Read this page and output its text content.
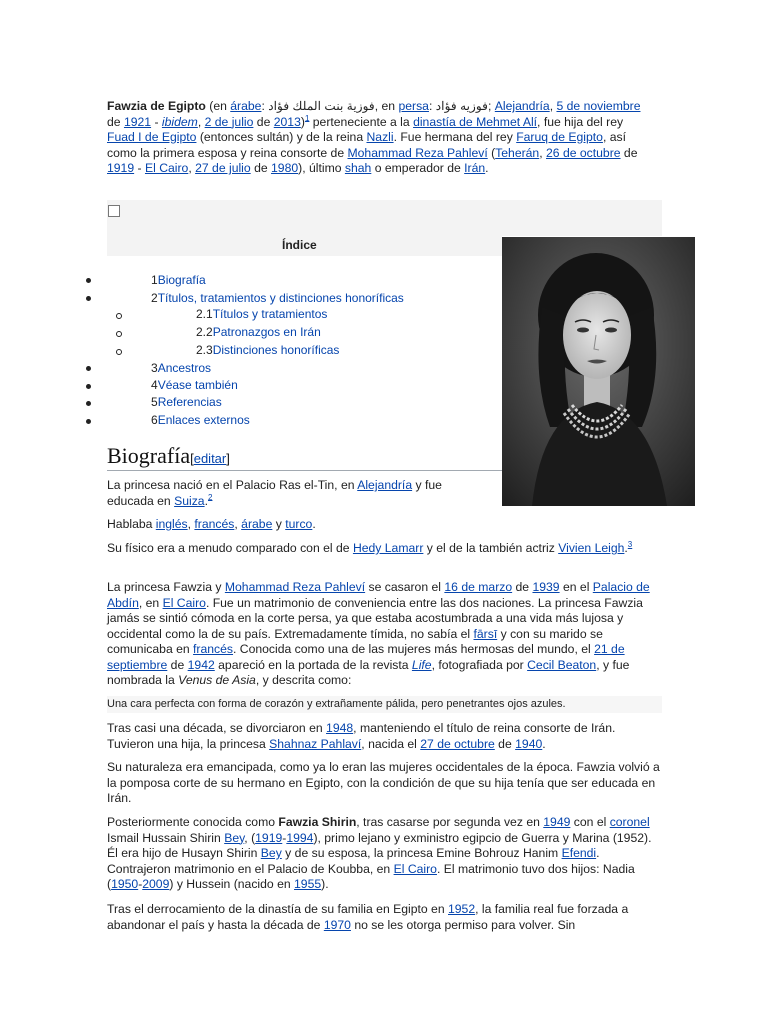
Fawzia de Egipto (en árabe: فوزية بنت الملك فؤاد, en persa: فوزیه فؤاد; Alejandría, 5 de noviembre de 1921 - ibidem, 2 de julio de 2013)$^1$ perteneciente a la dinastía de Mehmet Alí, fue hija del rey Fuad I de Egipto (entonces sultán) y de la reina Nazli. Fue hermana del rey Faruq de Egipto, así como la primera esposa y reina consorte de Mohammad Reza Pahleví (Teherán, 26 de octubre de 1919 - El Cairo, 27 de julio de 1980), último shah o emperador de Irán.

Índice
1Biografía
2Títulos, tratamientos y distinciones honoríficas
2.1Títulos y tratamientos
2.2Patronazgos en Irán
2.3Distinciones honoríficas
3Ancestros
4Véase también
5Referencias
6Enlaces externos
Biografía[editar]

La princesa nació en el Palacio Ras el-Tin, en Alejandría y fue educada en Suiza.$^2$

Hablaba inglés, francés, árabe y turco.

Su físico era a menudo comparado con el de Hedy Lamarr y el de la también actriz Vivien Leigh.$^3$

La princesa Fawzia y Mohammad Reza Pahleví se casaron el 16 de marzo de 1939 en el Palacio de Abdín, en El Cairo. Fue un matrimonio de conveniencia entre las dos naciones. La princesa Fawzia jamás se sintió cómoda en la corte persa, ya que estaba acostumbrada a una vida más lujosa y occidental como la de su país. Extremadamente tímida, no sabía el fārsī y con su marido se comunicaba en francés. Conocida como una de las mujeres más hermosas del mundo, el 21 de septiembre de 1942 apareció en la portada de la revista Life, fotografiada por Cecil Beaton, y fue nombrada la Venus de Asia, y descrita como:

Una cara perfecta con forma de corazón y extrañamente pálida, pero penetrantes ojos azules.

Tras casi una década, se divorciaron en 1948, manteniendo el título de reina consorte de Irán. Tuvieron una hija, la princesa Shahnaz Pahlaví, nacida el 27 de octubre de 1940.

Su naturaleza era emancipada, como ya lo eran las mujeres occidentales de la época. Fawzia volvió a la pomposa corte de su hermano en Egipto, con la condición de que su hija tenía que ser educada en Irán.

Posteriormente conocida como Fawzia Shirin, tras casarse por segunda vez en 1949 con el coronel Ismail Hussain Shirin Bey, (1919-1994), primo lejano y exministro egipcio de Guerra y Marina (1952). Él era hijo de Husayn Shirin Bey y de su esposa, la princesa Emine Bohrouz Hanim Efendi. Contrajeron matrimonio en el Palacio de Koubba, en El Cairo. El matrimonio tuvo dos hijos: Nadia (1950-2009) y Hussein (nacido en 1955).

Tras el derrocamiento de la dinastía de su familia en Egipto en 1952, la familia real fue forzada a abandonar el país y hasta la década de 1970 no se les otorga permiso para volver. Sin
